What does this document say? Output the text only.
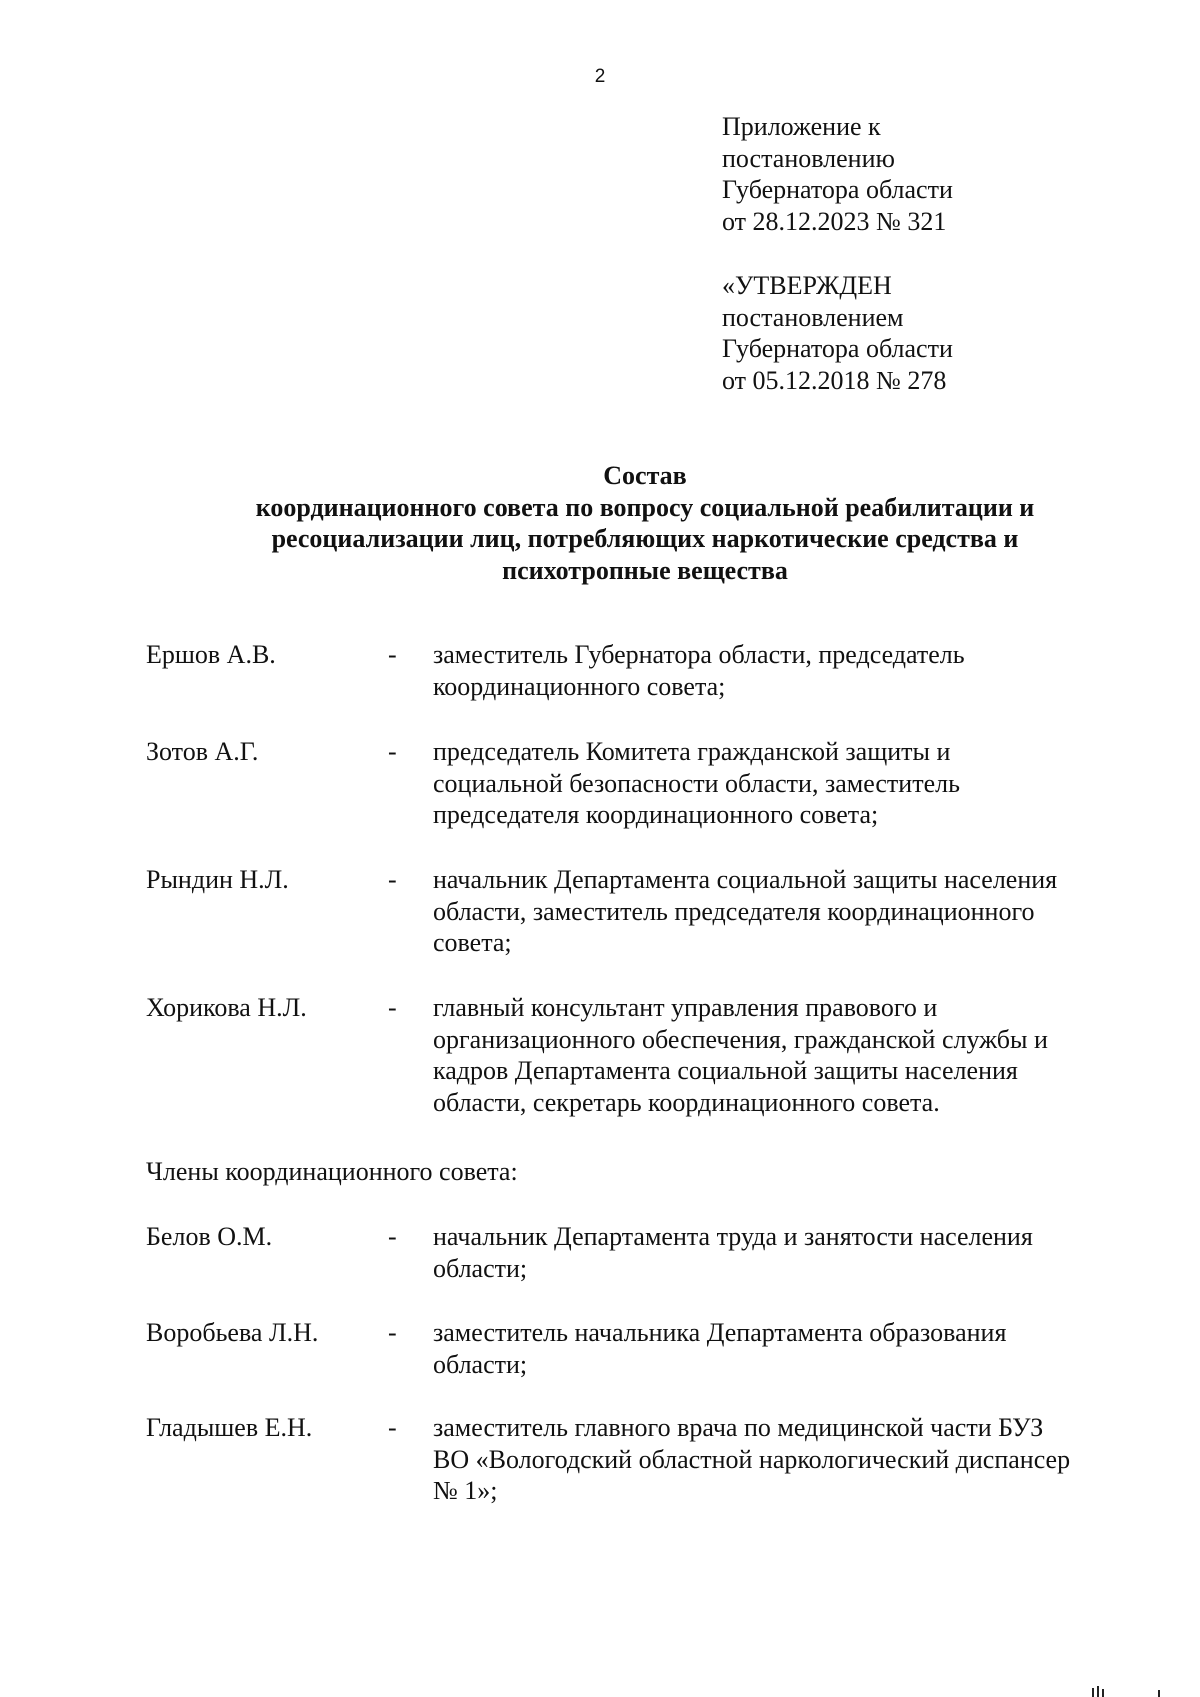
2
Приложение к
постановлению
Губернатора области
от 28.12.2023 № 321
«УТВЕРЖДЕН
постановлением
Губернатора области
от 05.12.2018 № 278
Состав
координационного совета по вопросу социальной реабилитации и
ресоциализации лиц, потребляющих наркотические средства и
психотропные вещества
Ершов А.В.	- заместитель Губернатора области, председатель
координационного совета;
Зотов А.Г.	- председатель Комитета гражданской защиты и
социальной безопасности области, заместитель
председателя координационного совета;
Рындин Н.Л.	- начальник Департамента социальной защиты населения
области, заместитель председателя координационного
совета;
Хорикова Н.Л.	- главный консультант управления правового и
организационного обеспечения, гражданской службы и
кадров Департамента социальной защиты населения
области, секретарь координационного совета.
Члены координационного совета:
Белов О.М.	- начальник Департамента труда и занятости населения
области;
Воробьева Л.Н.	- заместитель начальника Департамента образования
области;
Гладышев Е.Н.	- заместитель главного врача по медицинской части БУЗ
ВО «Вологодский областной наркологический диспансер
№ 1»;
